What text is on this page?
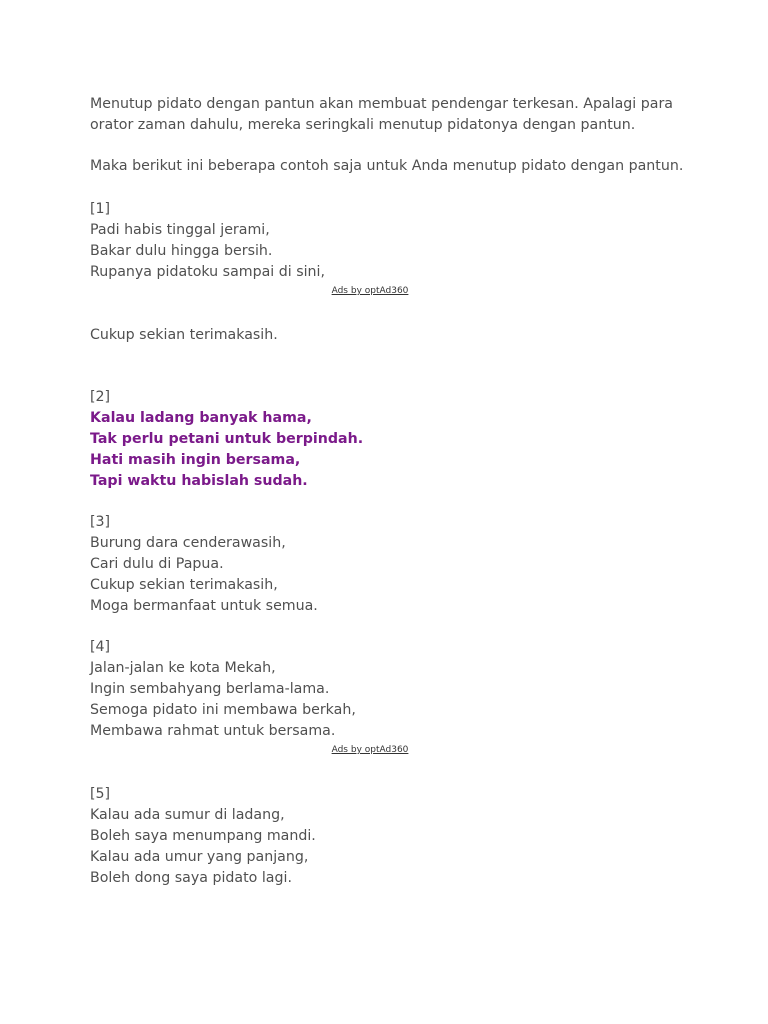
Menutup pidato dengan pantun akan membuat pendengar terkesan. Apalagi para
orator zaman dahulu, mereka seringkali menutup pidatonya dengan pantun.

Maka berikut ini beberapa contoh saja untuk Anda menutup pidato dengan pantun.

[1]
Padi habis tinggal jerami,
Bakar dulu hingga bersih.
Rupanya pidatoku sampai di sini,
Ads by optAd360
Cukup sekian terimakasih.
[2]
Kalau ladang banyak hama,
Tak perlu petani untuk berpindah.
Hati masih ingin bersama,
Tapi waktu habislah sudah.
[3]
Burung dara cenderawasih,
Cari dulu di Papua.
Cukup sekian terimakasih,
Moga bermanfaat untuk semua.
[4]
Jalan-jalan ke kota Mekah,
Ingin sembahyang berlama-lama.
Semoga pidato ini membawa berkah,
Membawa rahmat untuk bersama.
Ads by optAd360
[5]
Kalau ada sumur di ladang,
Boleh saya menumpang mandi.
Kalau ada umur yang panjang,
Boleh dong saya pidato lagi.
